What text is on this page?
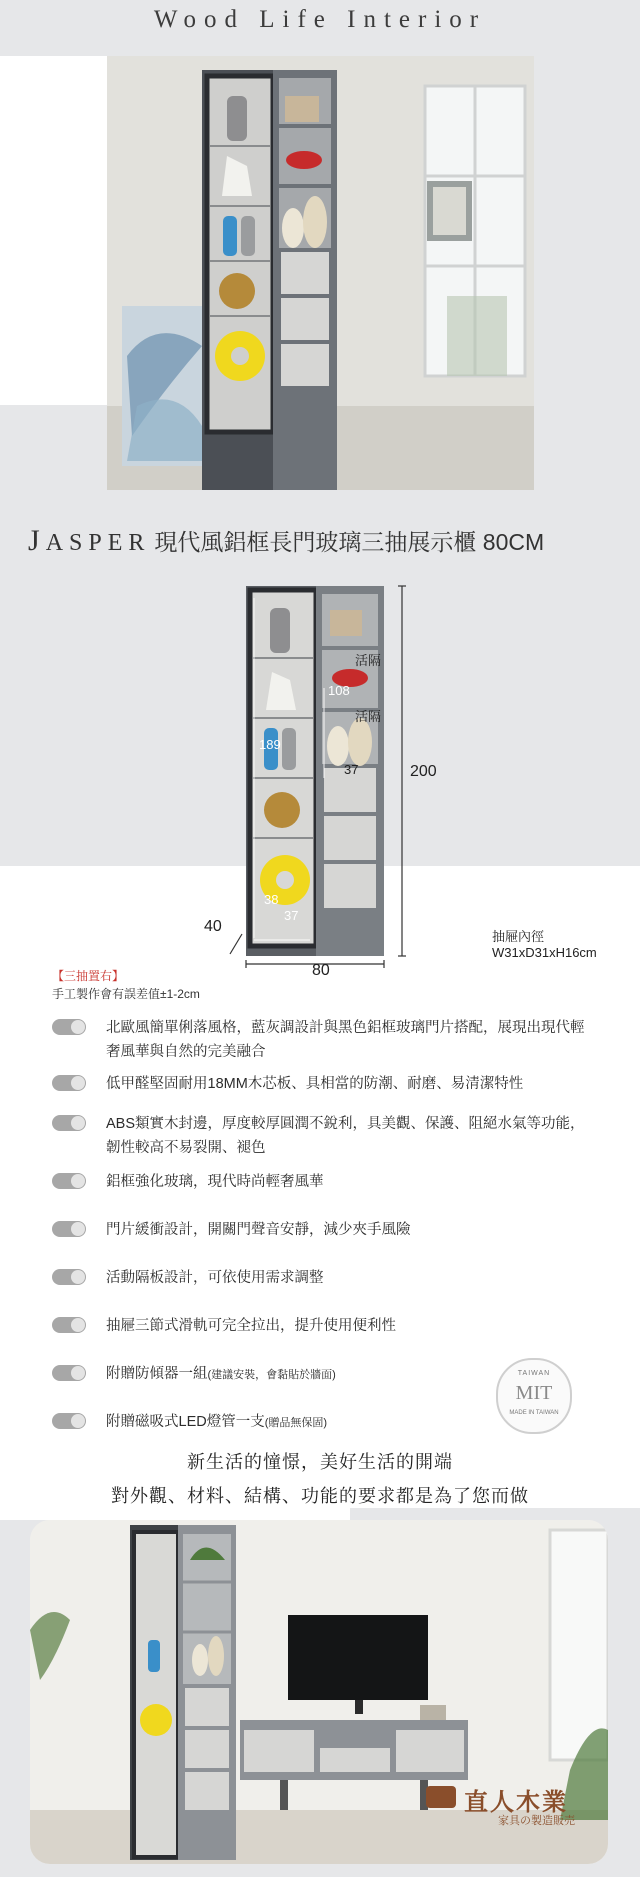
Wood Life Interior
JASPER 現代風鋁框長門玻璃三抽展示櫃 80CM
200
80
40
活隔
108
活隔
189
37
38
37
抽屜內徑
W31xD31xH16cm
【三抽置右】
手工製作會有誤差值±1-2cm
北歐風簡單俐落風格，藍灰調設計與黑色鋁框玻璃門片搭配，展現出現代輕奢風華與自然的完美融合
低甲醛堅固耐用18MM木芯板、具相當的防潮、耐磨、易清潔特性
ABS類實木封邊，厚度較厚圓潤不銳利，具美觀、保護、阻絕水氣等功能，韌性較高不易裂開、褪色
鋁框強化玻璃，現代時尚輕奢風華
門片緩衝設計，開關門聲音安靜，減少夾手風險
活動隔板設計，可依使用需求調整
抽屜三節式滑軌可完全拉出，提升使用便利性
附贈防傾器一組(建議安裝，會黏貼於牆面)
附贈磁吸式LED燈管一支(贈品無保固)
TAIWAN
MIT
MADE IN TAIWAN
新生活的憧憬，美好生活的開端
對外觀、材料、結構、功能的要求都是為了您而做
直人木業
家具の製造販売
